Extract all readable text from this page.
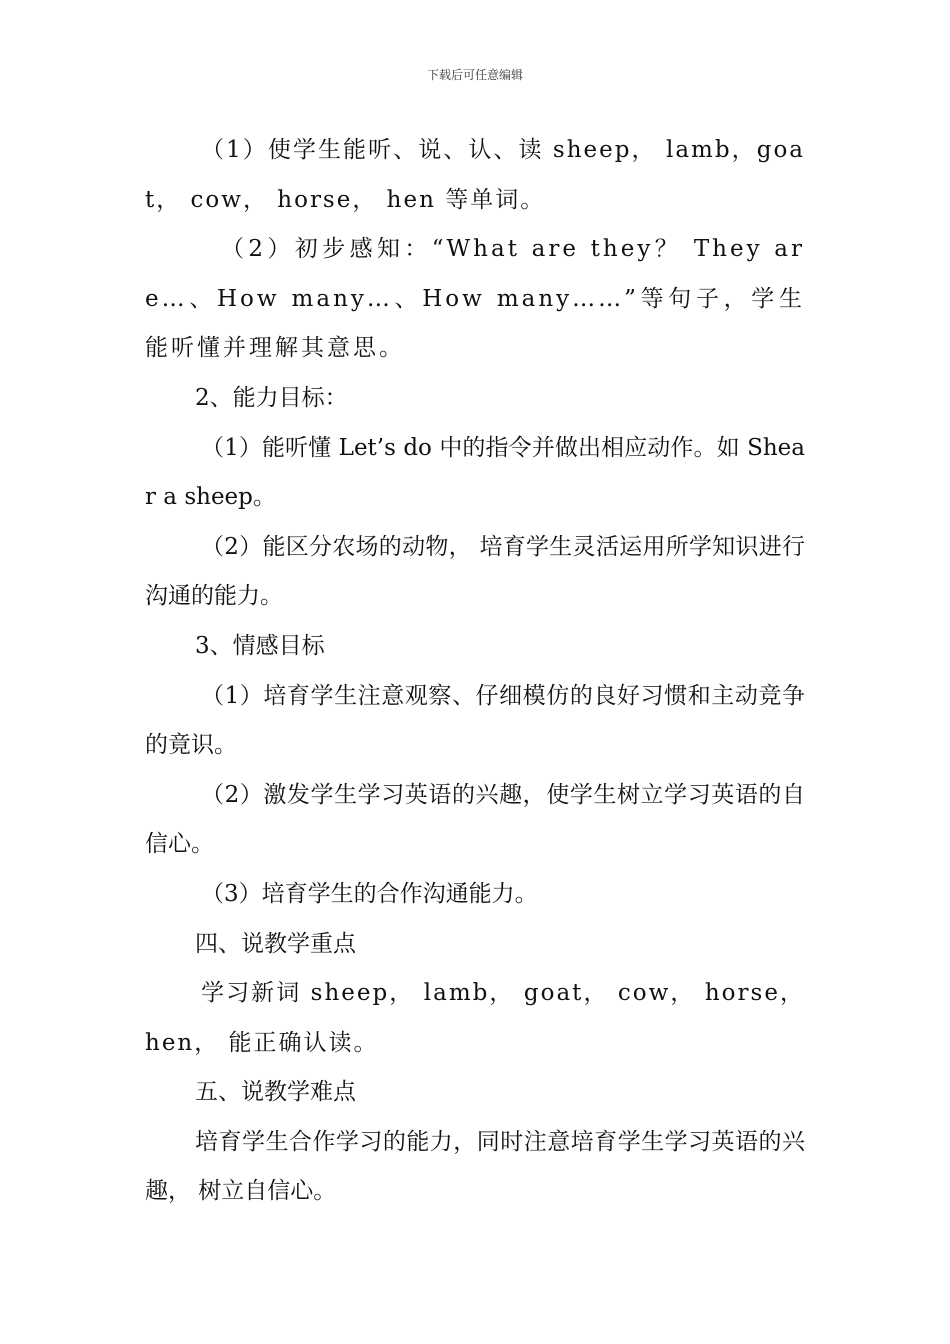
下载后可任意编辑

（1）使学生能听、说、认、读 sheep， lamb，goat， cow， horse， hen 等单词。

（2）初步感知：“What are they？ They are…、How many…、How many……”等句子，学生能听懂并理解其意思。

2、能力目标：

（1）能听懂 Let’s do 中的指令并做出相应动作。如 Shear a sheep。

（2）能区分农场的动物， 培育学生灵活运用所学知识进行沟通的能力。

3、情感目标

（1）培育学生注意观察、仔细模仿的良好习惯和主动竞争的竟识。

（2）激发学生学习英语的兴趣，使学生树立学习英语的自信心。

（3）培育学生的合作沟通能力。

四、说教学重点

学习新词 sheep， lamb， goat， cow， horse，hen， 能正确认读。

五、说教学难点

培育学生合作学习的能力，同时注意培育学生学习英语的兴趣， 树立自信心。
